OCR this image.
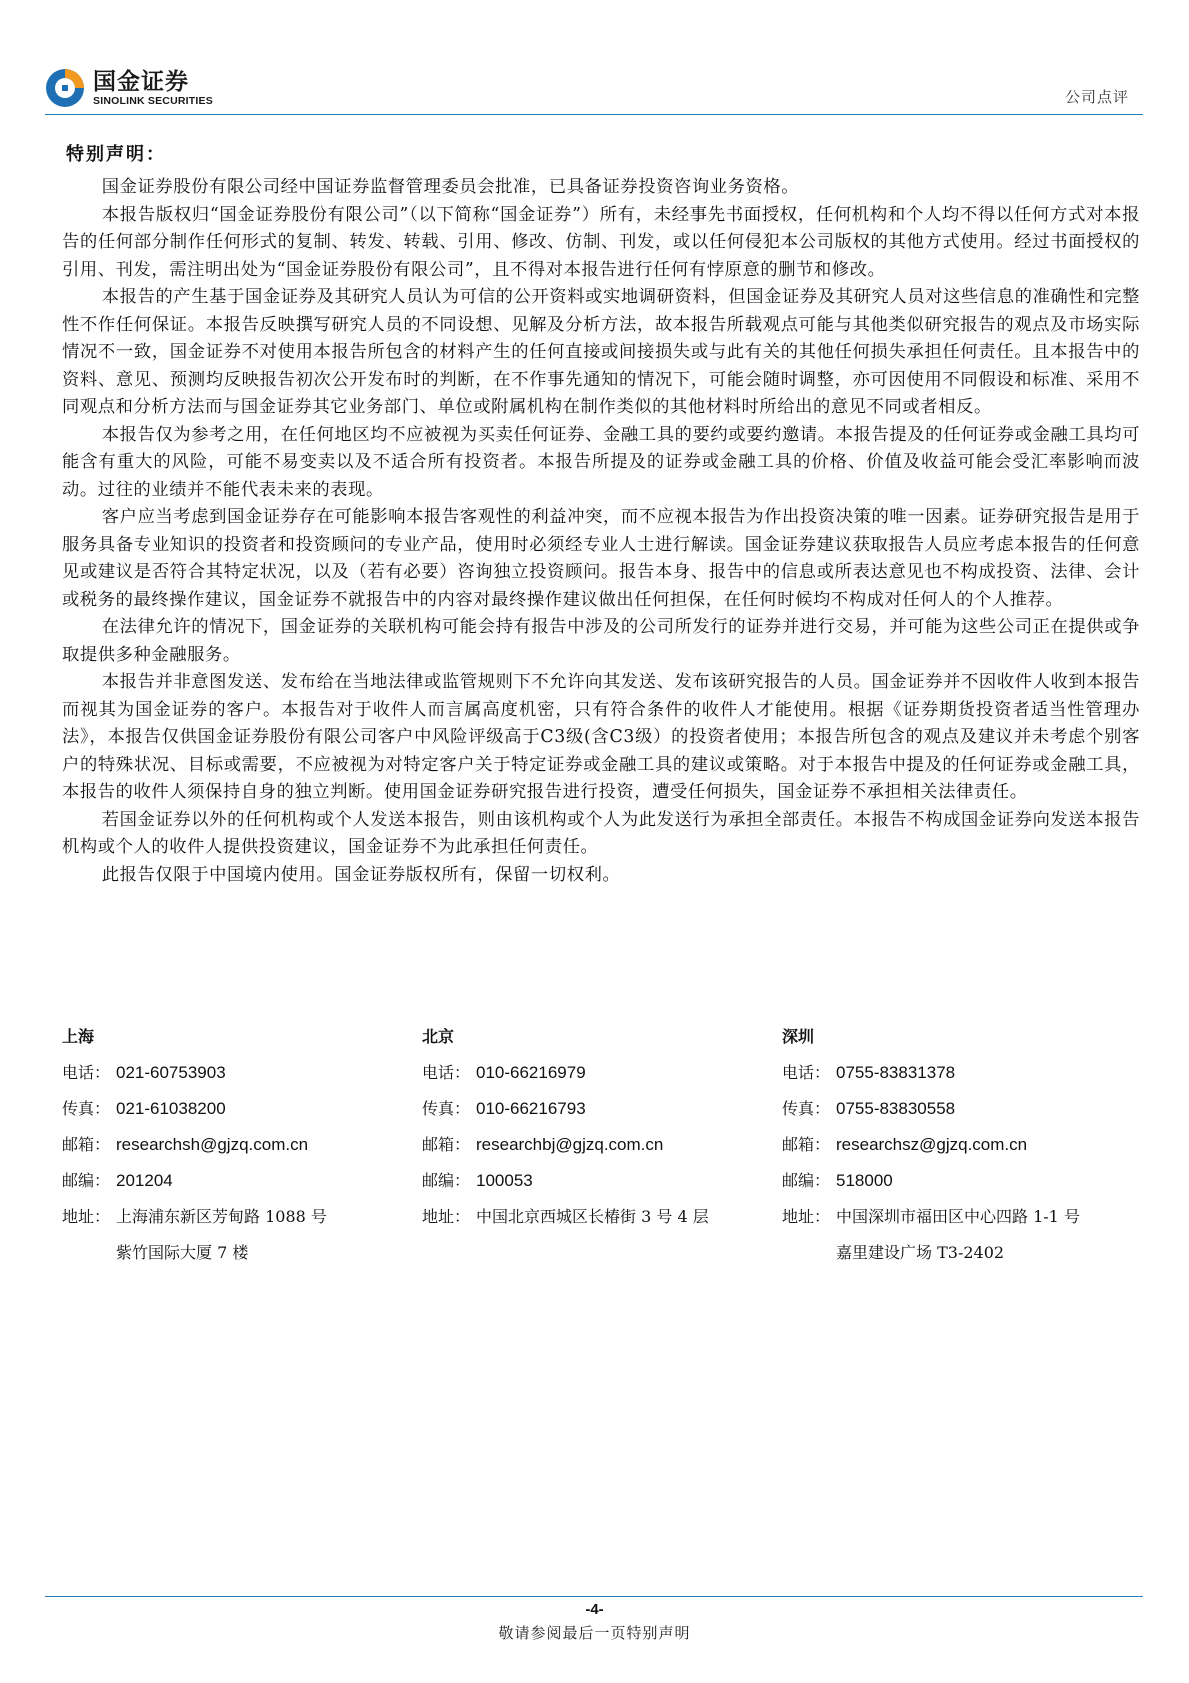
国金证券
SINOLINK SECURITIES	公司点评
特别声明：

国金证券股份有限公司经中国证券监督管理委员会批准，已具备证券投资咨询业务资格。

本报告版权归“国金证券股份有限公司”（以下简称“国金证券”）所有，未经事先书面授权，任何机构和个人均不得以任何方式对本报告的任何部分制作任何形式的复制、转发、转载、引用、修改、仿制、刊发，或以任何侵犯本公司版权的其他方式使用。经过书面授权的引用、刊发，需注明出处为“国金证券股份有限公司”，且不得对本报告进行任何有悖原意的删节和修改。

本报告的产生基于国金证券及其研究人员认为可信的公开资料或实地调研资料，但国金证券及其研究人员对这些信息的准确性和完整性不作任何保证。本报告反映撰写研究人员的不同设想、见解及分析方法，故本报告所载观点可能与其他类似研究报告的观点及市场实际情况不一致，国金证券不对使用本报告所包含的材料产生的任何直接或间接损失或与此有关的其他任何损失承担任何责任。且本报告中的资料、意见、预测均反映报告初次公开发布时的判断，在不作事先通知的情况下，可能会随时调整，亦可因使用不同假设和标准、采用不同观点和分析方法而与国金证券其它业务部门、单位或附属机构在制作类似的其他材料时所给出的意见不同或者相反。

本报告仅为参考之用，在任何地区均不应被视为买卖任何证券、金融工具的要约或要约邀请。本报告提及的任何证券或金融工具均可能含有重大的风险，可能不易变卖以及不适合所有投资者。本报告所提及的证券或金融工具的价格、价值及收益可能会受汇率影响而波动。过往的业绩并不能代表未来的表现。

客户应当考虑到国金证券存在可能影响本报告客观性的利益冲突，而不应视本报告为作出投资决策的唯一因素。证券研究报告是用于服务具备专业知识的投资者和投资顾问的专业产品，使用时必须经专业人士进行解读。国金证券建议获取报告人员应考虑本报告的任何意见或建议是否符合其特定状况，以及（若有必要）咨询独立投资顾问。报告本身、报告中的信息或所表达意见也不构成投资、法律、会计或税务的最终操作建议，国金证券不就报告中的内容对最终操作建议做出任何担保，在任何时候均不构成对任何人的个人推荐。

在法律允许的情况下，国金证券的关联机构可能会持有报告中涉及的公司所发行的证券并进行交易，并可能为这些公司正在提供或争取提供多种金融服务。

本报告并非意图发送、发布给在当地法律或监管规则下不允许向其发送、发布该研究报告的人员。国金证券并不因收件人收到本报告而视其为国金证券的客户。本报告对于收件人而言属高度机密，只有符合条件的收件人才能使用。根据《证券期货投资者适当性管理办法》，本报告仅供国金证券股份有限公司客户中风险评级高于C3级(含C3级）的投资者使用；本报告所包含的观点及建议并未考虑个别客户的特殊状况、目标或需要，不应被视为对特定客户关于特定证券或金融工具的建议或策略。对于本报告中提及的任何证券或金融工具，本报告的收件人须保持自身的独立判断。使用国金证券研究报告进行投资，遭受任何损失，国金证券不承担相关法律责任。

若国金证券以外的任何机构或个人发送本报告，则由该机构或个人为此发送行为承担全部责任。本报告不构成国金证券向发送本报告机构或个人的收件人提供投资建议，国金证券不为此承担任何责任。

此报告仅限于中国境内使用。国金证券版权所有，保留一切权利。

上海
电话： 021-60753903
传真： 021-61038200
邮箱： researchsh@gjzq.com.cn
邮编： 201204
地址： 上海浦东新区芳甸路 1088 号
紫竹国际大厦 7 楼
北京
电话： 010-66216979
传真： 010-66216793
邮箱： researchbj@gjzq.com.cn
邮编： 100053
地址： 中国北京西城区长椿街 3 号 4 层
深圳
电话： 0755-83831378
传真： 0755-83830558
邮箱： researchsz@gjzq.com.cn
邮编： 518000
地址： 中国深圳市福田区中心四路 1-1 号
嘉里建设广场 T3-2402
-4-
敬请参阅最后一页特别声明
